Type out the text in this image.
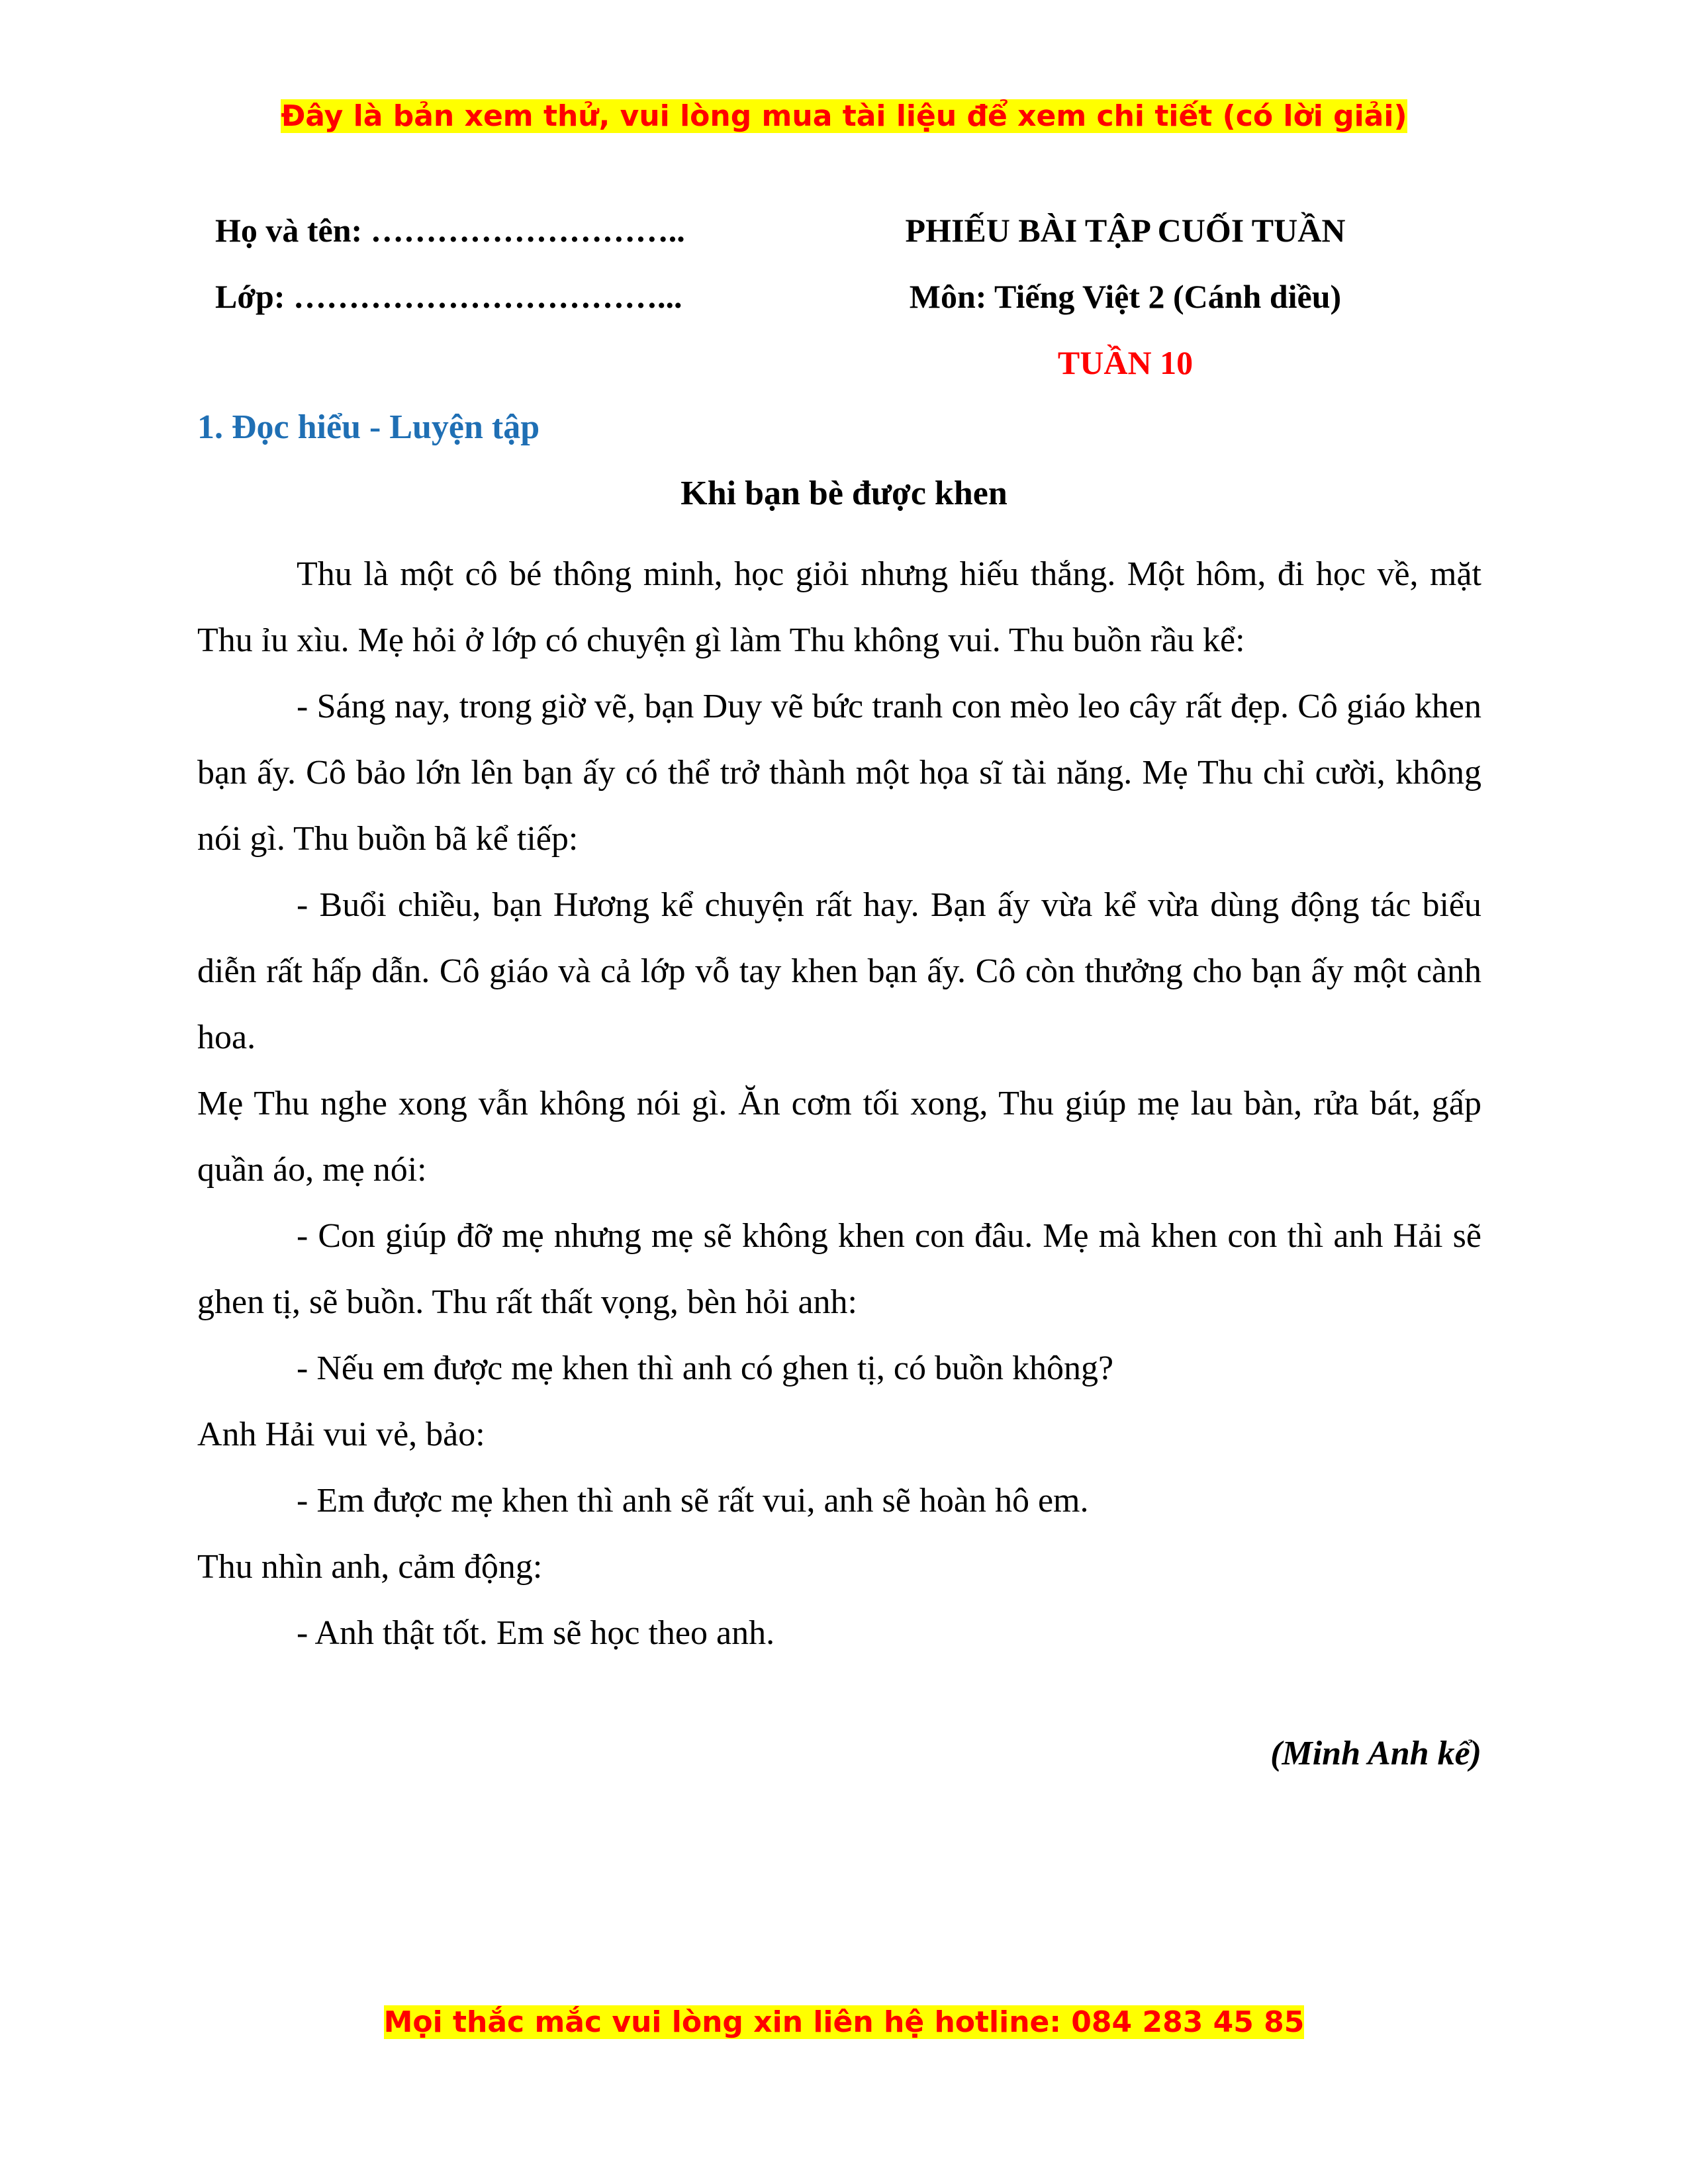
Đây là bản xem thử, vui lòng mua tài liệu để xem chi tiết (có lời giải)
Họ và tên: ………………………..
Lớp: ……………………………...
PHIẾU BÀI TẬP CUỐI TUẦN
Môn: Tiếng Việt 2 (Cánh diều)
TUẦN 10
1. Đọc hiểu - Luyện tập
Khi bạn bè được khen

Thu là một cô bé thông minh, học giỏi nhưng hiếu thắng. Một hôm, đi học về, mặt Thu ỉu xìu. Mẹ hỏi ở lớp có chuyện gì làm Thu không vui. Thu buồn rầu kể:

- Sáng nay, trong giờ vẽ, bạn Duy vẽ bức tranh con mèo leo cây rất đẹp. Cô giáo khen bạn ấy. Cô bảo lớn lên bạn ấy có thể trở thành một họa sĩ tài năng. Mẹ Thu chỉ cười, không nói gì. Thu buồn bã kể tiếp:

- Buổi chiều, bạn Hương kể chuyện rất hay. Bạn ấy vừa kể vừa dùng động tác biểu diễn rất hấp dẫn. Cô giáo và cả lớp vỗ tay khen bạn ấy. Cô còn thưởng cho bạn ấy một cành hoa.

Mẹ Thu nghe xong vẫn không nói gì. Ăn cơm tối xong, Thu giúp mẹ lau bàn, rửa bát, gấp quần áo, mẹ nói:

- Con giúp đỡ mẹ nhưng mẹ sẽ không khen con đâu. Mẹ mà khen con thì anh Hải sẽ ghen tị, sẽ buồn. Thu rất thất vọng, bèn hỏi anh:

- Nếu em được mẹ khen thì anh có ghen tị, có buồn không?

Anh Hải vui vẻ, bảo:

- Em được mẹ khen thì anh sẽ rất vui, anh sẽ hoàn hô em.

Thu nhìn anh, cảm động:

- Anh thật tốt. Em sẽ học theo anh.

(Minh Anh kể)
Mọi thắc mắc vui lòng xin liên hệ hotline: 084 283 45 85
